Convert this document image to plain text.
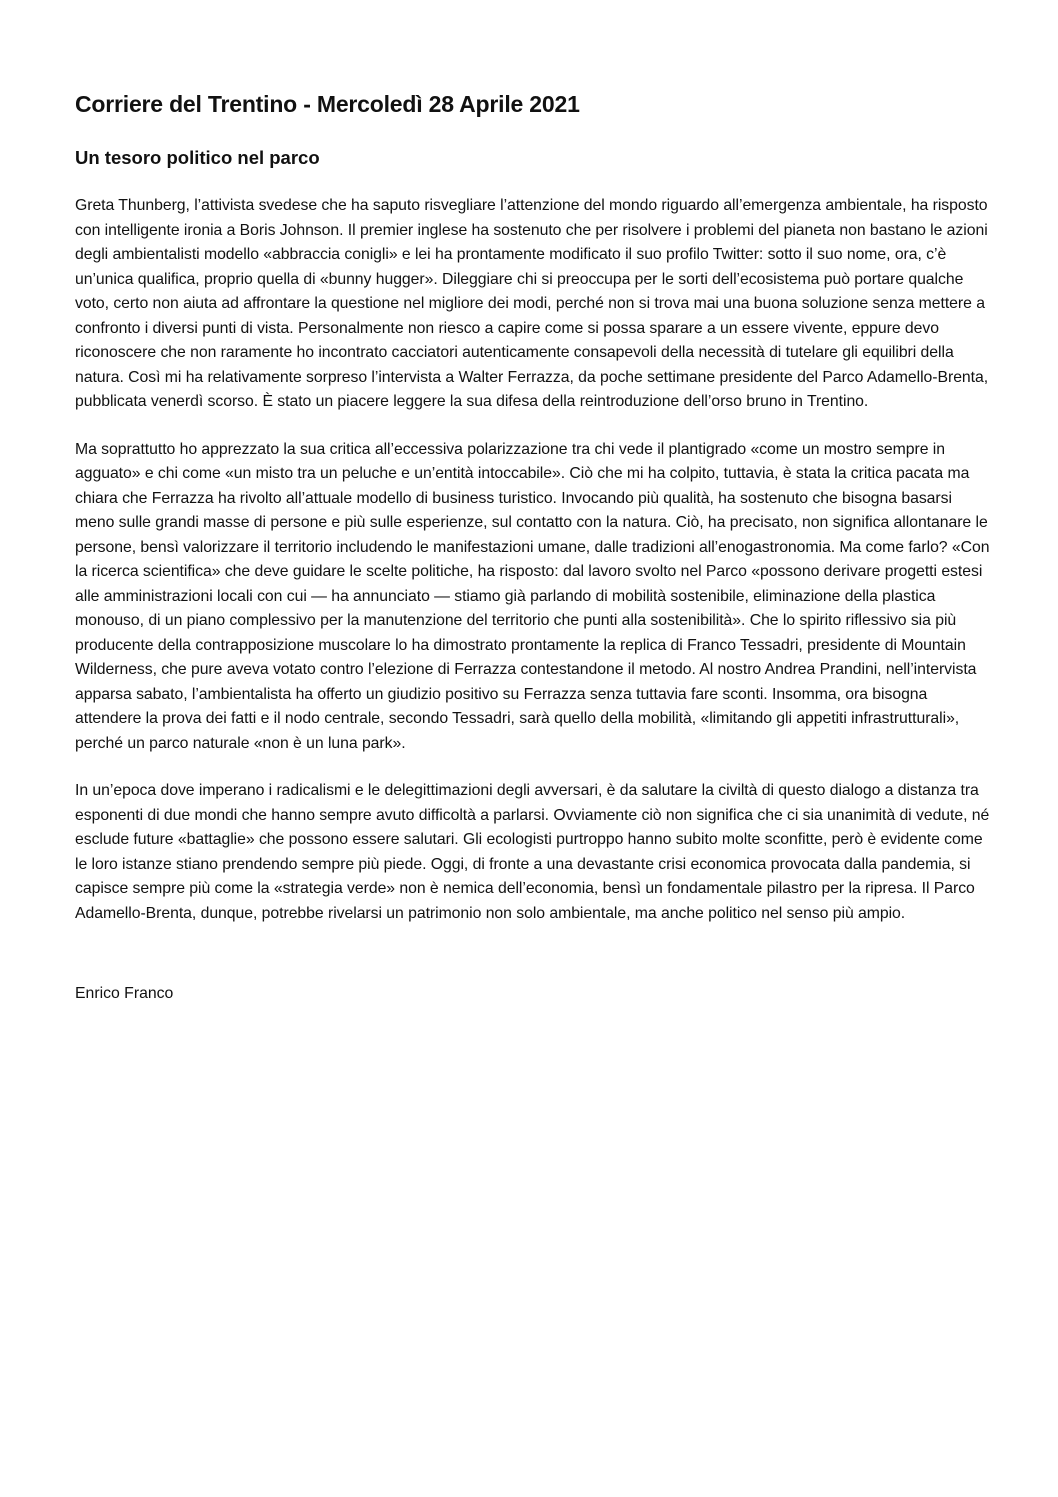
Corriere del Trentino - Mercoledì 28 Aprile 2021
Un tesoro politico nel parco

Greta Thunberg, l’attivista svedese che ha saputo risvegliare l’attenzione del mondo riguardo all’emergenza ambientale, ha risposto con intelligente ironia a Boris Johnson. Il premier inglese ha sostenuto che per risolvere i problemi del pianeta non bastano le azioni degli ambientalisti modello «abbraccia conigli» e lei ha prontamente modificato il suo profilo Twitter: sotto il suo nome, ora, c’è un’unica qualifica, proprio quella di «bunny hugger». Dileggiare chi si preoccupa per le sorti dell’ecosistema può portare qualche voto, certo non aiuta ad affrontare la questione nel migliore dei modi, perché non si trova mai una buona soluzione senza mettere a confronto i diversi punti di vista. Personalmente non riesco a capire come si possa sparare a un essere vivente, eppure devo riconoscere che non raramente ho incontrato cacciatori autenticamente consapevoli della necessità di tutelare gli equilibri della natura. Così mi ha relativamente sorpreso l’intervista a Walter Ferrazza, da poche settimane presidente del Parco Adamello-Brenta, pubblicata venerdì scorso. È stato un piacere leggere la sua difesa della reintroduzione dell’orso bruno in Trentino.

Ma soprattutto ho apprezzato la sua critica all’eccessiva polarizzazione tra chi vede il plantigrado «come un mostro sempre in agguato» e chi come «un misto tra un peluche e un’entità intoccabile». Ciò che mi ha colpito, tuttavia, è stata la critica pacata ma chiara che Ferrazza ha rivolto all’attuale modello di business turistico. Invocando più qualità, ha sostenuto che bisogna basarsi meno sulle grandi masse di persone e più sulle esperienze, sul contatto con la natura. Ciò, ha precisato, non significa allontanare le persone, bensì valorizzare il territorio includendo le manifestazioni umane, dalle tradizioni all’enogastronomia. Ma come farlo? «Con la ricerca scientifica» che deve guidare le scelte politiche, ha risposto: dal lavoro svolto nel Parco «possono derivare progetti estesi alle amministrazioni locali con cui — ha annunciato — stiamo già parlando di mobilità sostenibile, eliminazione della plastica monouso, di un piano complessivo per la manutenzione del territorio che punti alla sostenibilità». Che lo spirito riflessivo sia più producente della contrapposizione muscolare lo ha dimostrato prontamente la replica di Franco Tessadri, presidente di Mountain Wilderness, che pure aveva votato contro l’elezione di Ferrazza contestandone il metodo. Al nostro Andrea Prandini, nell’intervista apparsa sabato, l’ambientalista ha offerto un giudizio positivo su Ferrazza senza tuttavia fare sconti. Insomma, ora bisogna attendere la prova dei fatti e il nodo centrale, secondo Tessadri, sarà quello della mobilità, «limitando gli appetiti infrastrutturali», perché un parco naturale «non è un luna park».

In un’epoca dove imperano i radicalismi e le delegittimazioni degli avversari, è da salutare la civiltà di questo dialogo a distanza tra esponenti di due mondi che hanno sempre avuto difficoltà a parlarsi. Ovviamente ciò non significa che ci sia unanimità di vedute, né esclude future «battaglie» che possono essere salutari. Gli ecologisti purtroppo hanno subito molte sconfitte, però è evidente come le loro istanze stiano prendendo sempre più piede. Oggi, di fronte a una devastante crisi economica provocata dalla pandemia, si capisce sempre più come la «strategia verde» non è nemica dell’economia, bensì un fondamentale pilastro per la ripresa. Il Parco Adamello-Brenta, dunque, potrebbe rivelarsi un patrimonio non solo ambientale, ma anche politico nel senso più ampio.

Enrico Franco
